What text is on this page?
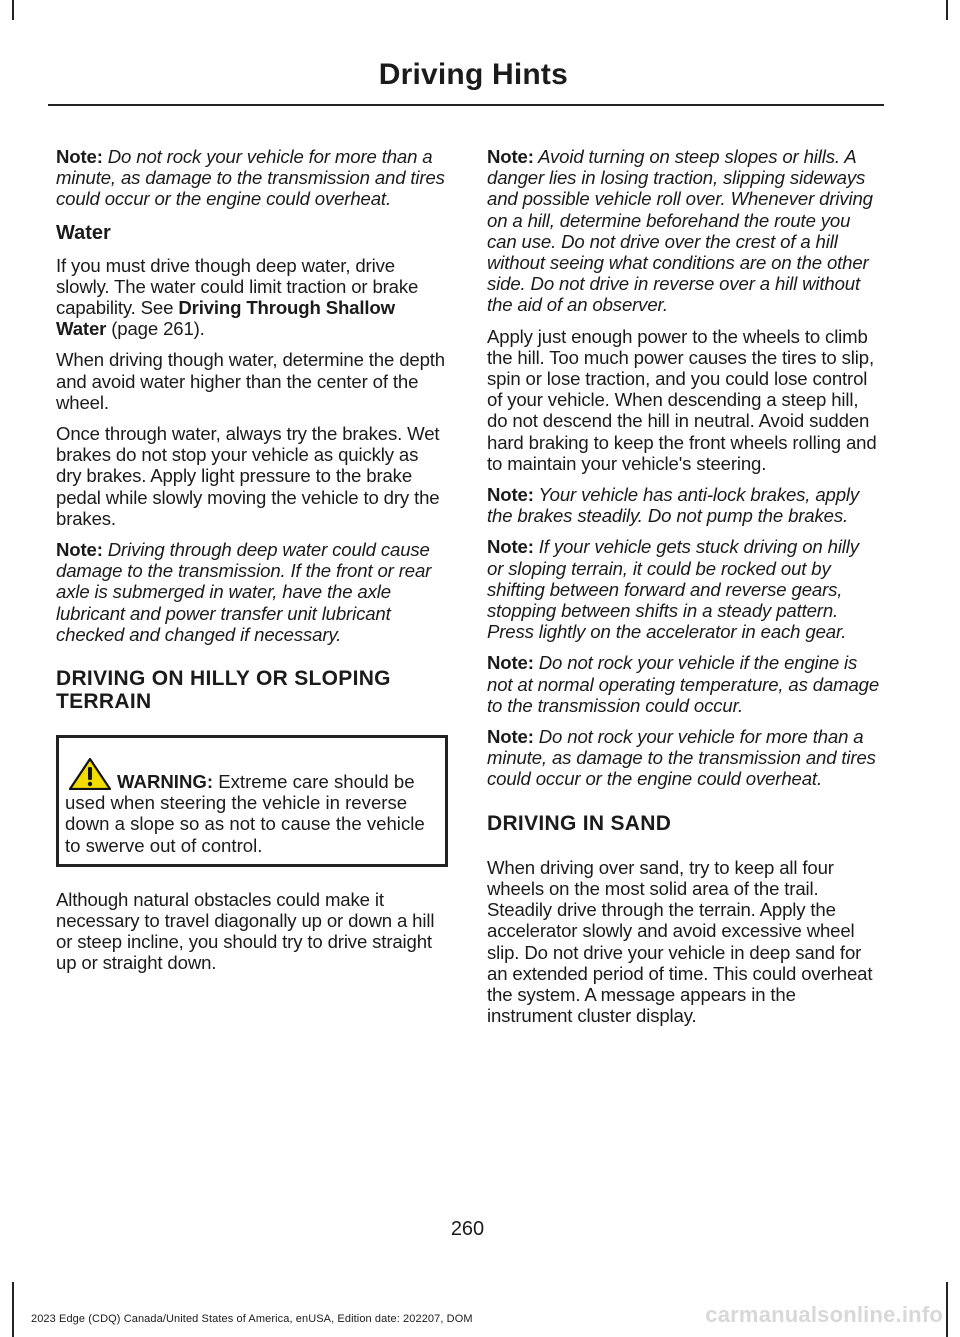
Driving Hints

Note: Do not rock your vehicle for more than a minute, as damage to the transmission and tires could occur or the engine could overheat.

Water

If you must drive though deep water, drive slowly. The water could limit traction or brake capability. See Driving Through Shallow Water (page 261).

When driving though water, determine the depth and avoid water higher than the center of the wheel.

Once through water, always try the brakes. Wet brakes do not stop your vehicle as quickly as dry brakes. Apply light pressure to the brake pedal while slowly moving the vehicle to dry the brakes.

Note: Driving through deep water could cause damage to the transmission. If the front or rear axle is submerged in water, have the axle lubricant and power transfer unit lubricant checked and changed if necessary.

DRIVING ON HILLY OR SLOPING TERRAIN
WARNING: Extreme care should be used when steering the vehicle in reverse down a slope so as not to cause the vehicle to swerve out of control.

Although natural obstacles could make it necessary to travel diagonally up or down a hill or steep incline, you should try to drive straight up or straight down.

Note: Avoid turning on steep slopes or hills. A danger lies in losing traction, slipping sideways and possible vehicle roll over. Whenever driving on a hill, determine beforehand the route you can use. Do not drive over the crest of a hill without seeing what conditions are on the other side. Do not drive in reverse over a hill without the aid of an observer.

Apply just enough power to the wheels to climb the hill. Too much power causes the tires to slip, spin or lose traction, and you could lose control of your vehicle. When descending a steep hill, do not descend the hill in neutral. Avoid sudden hard braking to keep the front wheels rolling and to maintain your vehicle's steering.

Note: Your vehicle has anti-lock brakes, apply the brakes steadily. Do not pump the brakes.

Note: If your vehicle gets stuck driving on hilly or sloping terrain, it could be rocked out by shifting between forward and reverse gears, stopping between shifts in a steady pattern. Press lightly on the accelerator in each gear.

Note: Do not rock your vehicle if the engine is not at normal operating temperature, as damage to the transmission could occur.

Note: Do not rock your vehicle for more than a minute, as damage to the transmission and tires could occur or the engine could overheat.

DRIVING IN SAND

When driving over sand, try to keep all four wheels on the most solid area of the trail. Steadily drive through the terrain. Apply the accelerator slowly and avoid excessive wheel slip. Do not drive your vehicle in deep sand for an extended period of time. This could overheat the system. A message appears in the instrument cluster display.

260
2023 Edge (CDQ) Canada/United States of America, enUSA, Edition date: 202207, DOM	carmanualsonline.info
